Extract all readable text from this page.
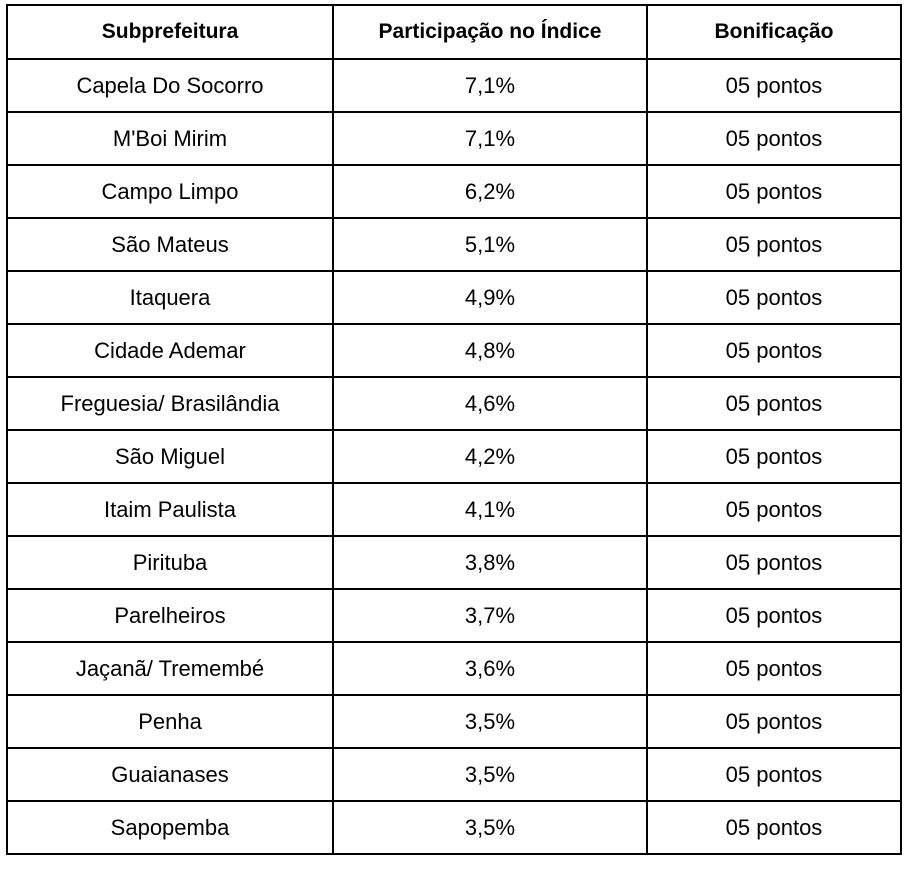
Subprefeitura	Participação no Índice	Bonificação
Capela Do Socorro	7,1%	05 pontos
M'Boi Mirim	7,1%	05 pontos
Campo Limpo	6,2%	05 pontos
São Mateus	5,1%	05 pontos
Itaquera	4,9%	05 pontos
Cidade Ademar	4,8%	05 pontos
Freguesia/ Brasilândia	4,6%	05 pontos
São Miguel	4,2%	05 pontos
Itaim Paulista	4,1%	05 pontos
Pirituba	3,8%	05 pontos
Parelheiros	3,7%	05 pontos
Jaçanã/ Tremembé	3,6%	05 pontos
Penha	3,5%	05 pontos
Guaianases	3,5%	05 pontos
Sapopemba	3,5%	05 pontos
